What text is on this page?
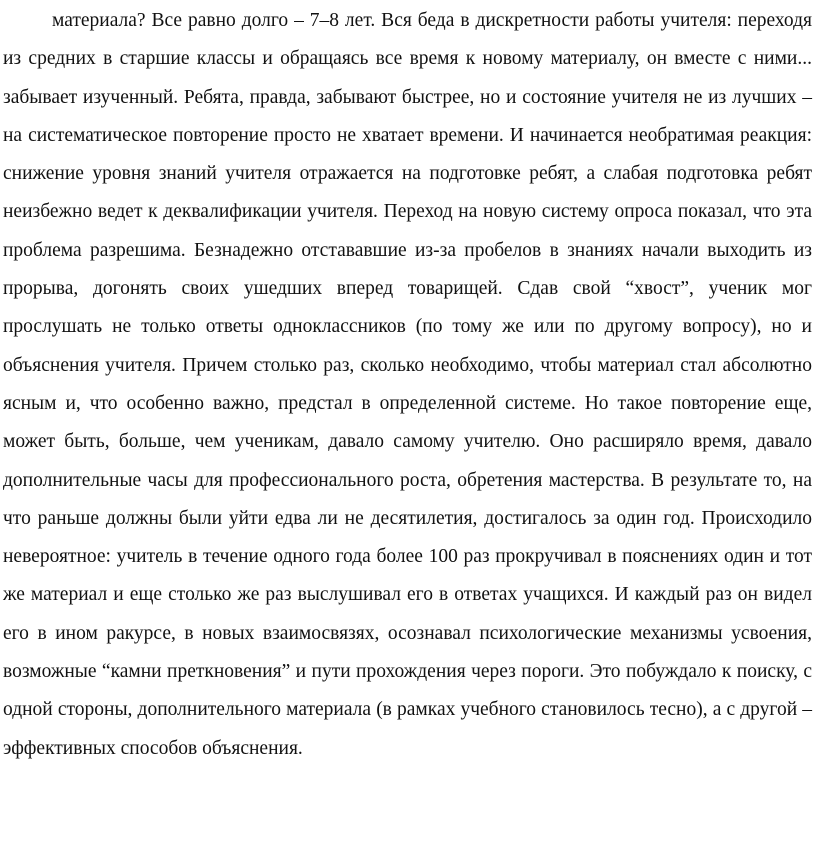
материала? Все равно долго – 7–8 лет. Вся беда в дискретности работы учителя: переходя из средних в старшие классы и обращаясь все время к новому материалу, он вместе с ними... забывает изученный. Ребята, правда, забывают быстрее, но и состояние учителя не из лучших – на систематическое повторение просто не хватает времени. И начинается необратимая реакция: снижение уровня знаний учителя отражается на подготовке ребят, а слабая подготовка ребят неизбежно ведет к деквалификации учителя. Переход на новую систему опроса показал, что эта проблема разрешима. Безнадежно отстававшие из-за пробелов в знаниях начали выходить из прорыва, догонять своих ушедших вперед товарищей. Сдав свой “хвост”, ученик мог прослушать не только ответы одноклассников (по тому же или по другому вопросу), но и объяснения учителя. Причем столько раз, сколько необходимо, чтобы материал стал абсолютно ясным и, что особенно важно, предстал в определенной системе. Но такое повторение еще, может быть, больше, чем ученикам, давало самому учителю. Оно расширяло время, давало дополнительные часы для профессионального роста, обретения мастерства. В результате то, на что раньше должны были уйти едва ли не десятилетия, достигалось за один год. Происходило невероятное: учитель в течение одного года более 100 раз прокручивал в пояснениях один и тот же материал и еще столько же раз выслушивал его в ответах учащихся. И каждый раз он видел его в ином ракурсе, в новых взаимосвязях, осознавал психологические механизмы усвоения, возможные “камни преткновения” и пути прохождения через пороги. Это побуждало к поиску, с одной стороны, дополнительного материала (в рамках учебного становилось тесно), а с другой – эффективных способов объяснения.
